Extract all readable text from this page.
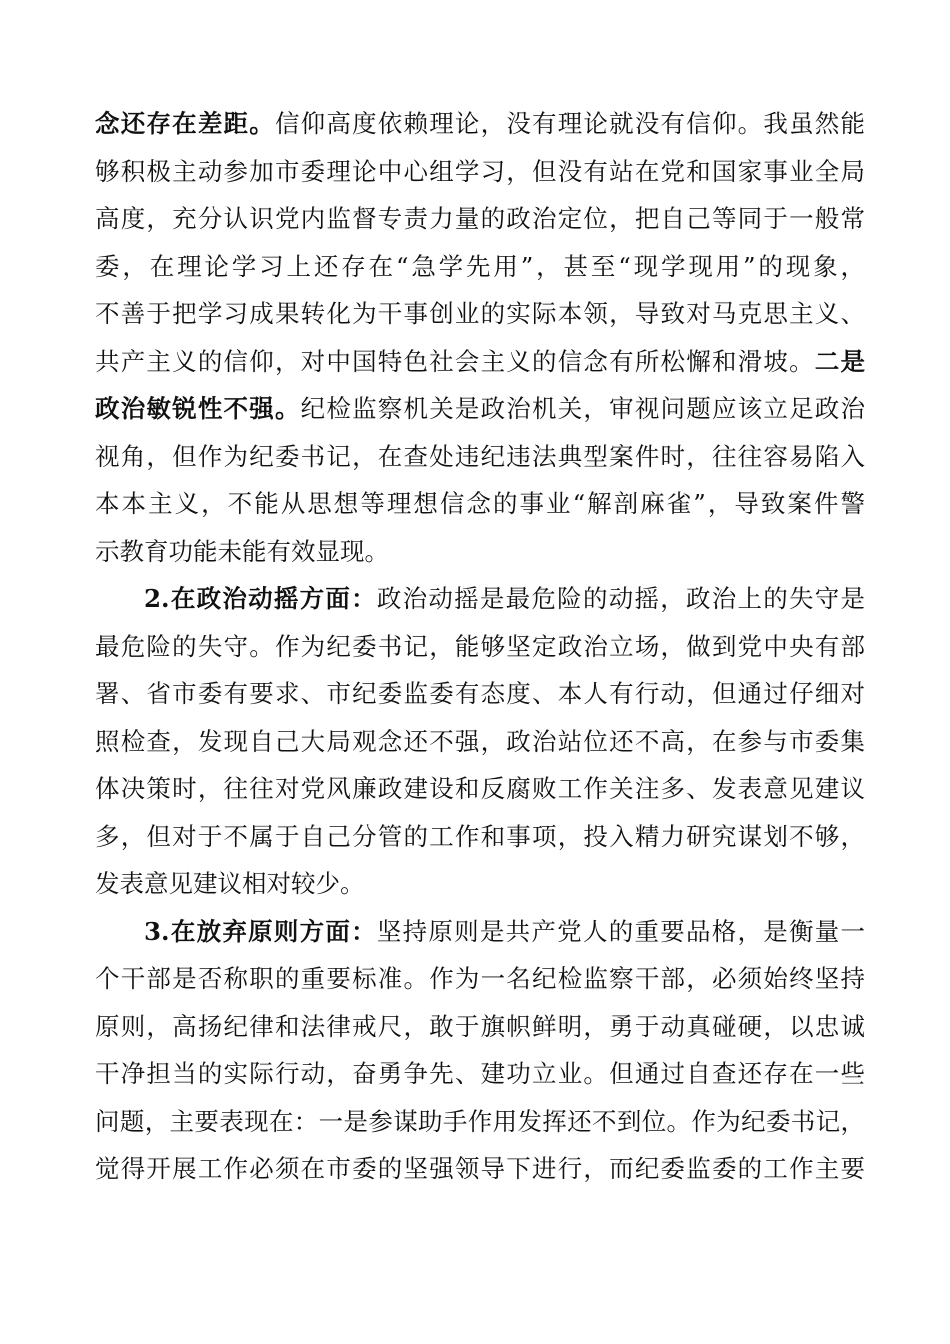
念还存在差距。信仰高度依赖理论，没有理论就没有信仰。我虽然能
够积极主动参加市委理论中心组学习，但没有站在党和国家事业全局
高度，充分认识党内监督专责力量的政治定位，把自己等同于一般常
委，在理论学习上还存在“急学先用”，甚至“现学现用”的现象，
不善于把学习成果转化为干事创业的实际本领，导致对马克思主义、
共产主义的信仰，对中国特色社会主义的信念有所松懈和滑坡。二是
政治敏锐性不强。纪检监察机关是政治机关，审视问题应该立足政治
视角，但作为纪委书记，在查处违纪违法典型案件时，往往容易陷入
本本主义，不能从思想等理想信念的事业“解剖麻雀”，导致案件警
示教育功能未能有效显现。
2.在政治动摇方面：政治动摇是最危险的动摇，政治上的失守是
最危险的失守。作为纪委书记，能够坚定政治立场，做到党中央有部
署、省市委有要求、市纪委监委有态度、本人有行动，但通过仔细对
照检查，发现自己大局观念还不强，政治站位还不高，在参与市委集
体决策时，往往对党风廉政建设和反腐败工作关注多、发表意见建议
多，但对于不属于自己分管的工作和事项，投入精力研究谋划不够，
发表意见建议相对较少。
3.在放弃原则方面：坚持原则是共产党人的重要品格，是衡量一
个干部是否称职的重要标准。作为一名纪检监察干部，必须始终坚持
原则，高扬纪律和法律戒尺，敢于旗帜鲜明，勇于动真碰硬，以忠诚
干净担当的实际行动，奋勇争先、建功立业。但通过自查还存在一些
问题，主要表现在：一是参谋助手作用发挥还不到位。作为纪委书记，
觉得开展工作必须在市委的坚强领导下进行，而纪委监委的工作主要
